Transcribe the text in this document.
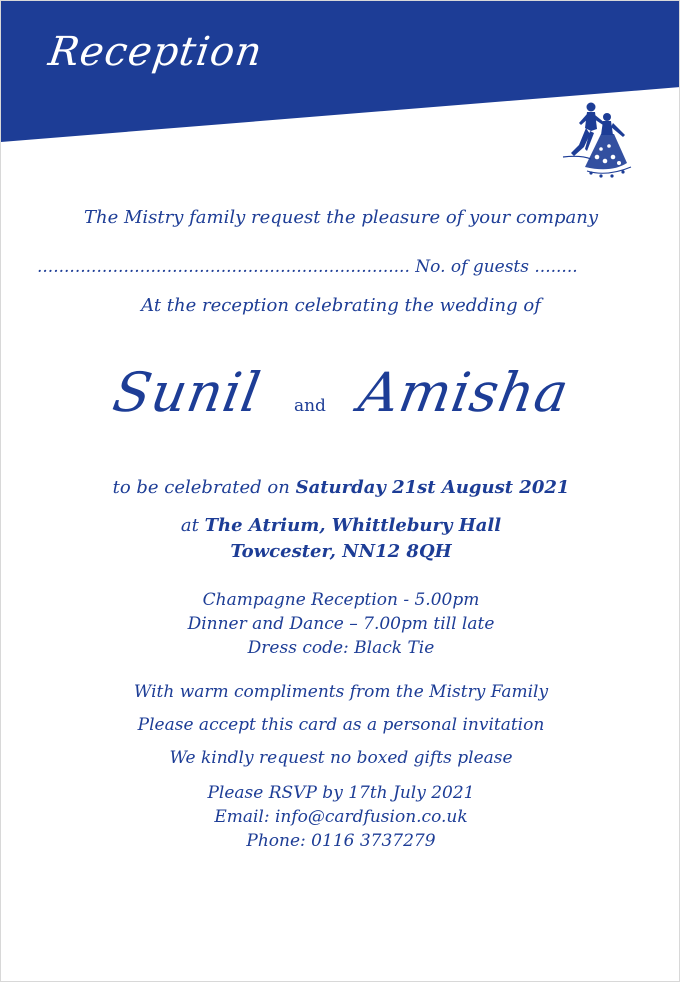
Reception
The Mistry family request the pleasure of your company
..................................................................... No. of guests ........
At the reception celebrating the wedding of
Sunil and Amisha
to be celebrated on Saturday 21st August 2021
at The Atrium, Whittlebury Hall
Towcester, NN12 8QH
Champagne Reception - 5.00pm
Dinner and Dance – 7.00pm till late
Dress code: Black Tie
With warm compliments from the Mistry Family
Please accept this card as a personal invitation
We kindly request no boxed gifts please
Please RSVP by 17th July 2021
Email: info@cardfusion.co.uk
Phone: 0116 3737279
